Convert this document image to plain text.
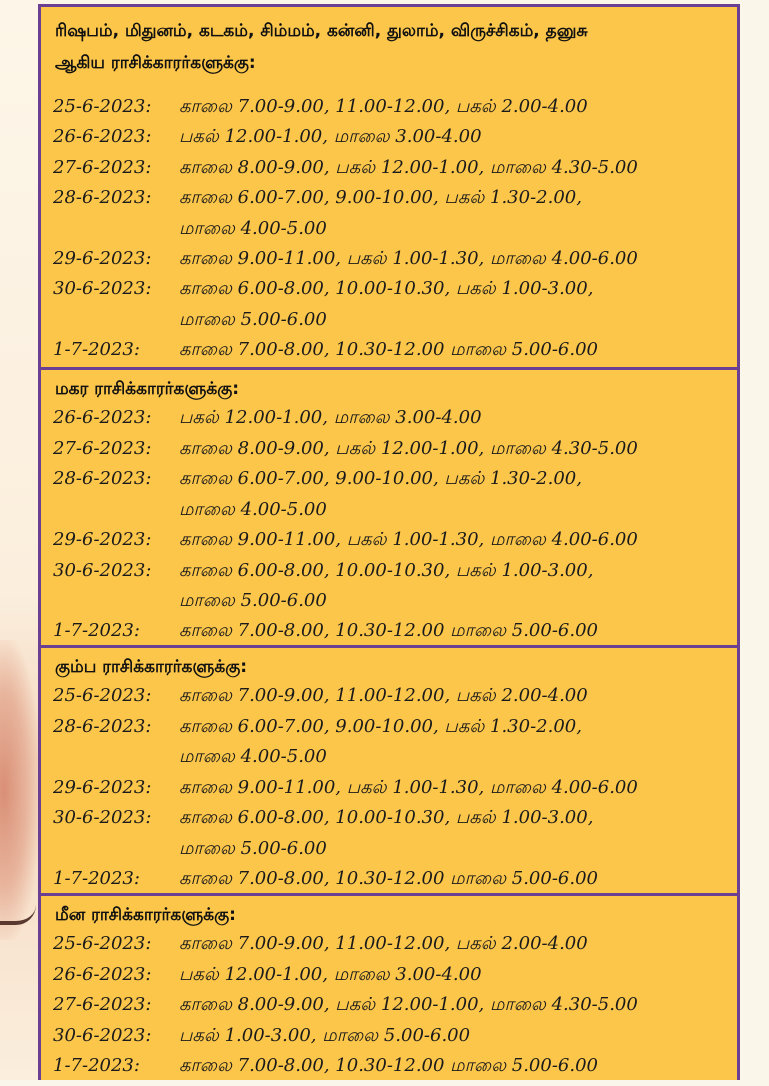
ரிஷபம், மிதுனம், கடகம், சிம்மம், கன்னி, துலாம், விருச்சிகம், தனுசு
ஆகிய ராசிக்காரர்களுக்கு:
25-6-2023: காலை 7.00-9.00, 11.00-12.00, பகல் 2.00-4.00
26-6-2023: பகல் 12.00-1.00, மாலை 3.00-4.00
27-6-2023: காலை 8.00-9.00, பகல் 12.00-1.00, மாலை 4.30-5.00
28-6-2023: காலை 6.00-7.00, 9.00-10.00, பகல் 1.30-2.00,
மாலை 4.00-5.00
29-6-2023: காலை 9.00-11.00, பகல் 1.00-1.30, மாலை 4.00-6.00
30-6-2023: காலை 6.00-8.00, 10.00-10.30, பகல் 1.00-3.00,
மாலை 5.00-6.00
1-7-2023: காலை 7.00-8.00, 10.30-12.00 மாலை 5.00-6.00
மகர ராசிக்காரர்களுக்கு:
26-6-2023: பகல் 12.00-1.00, மாலை 3.00-4.00
27-6-2023: காலை 8.00-9.00, பகல் 12.00-1.00, மாலை 4.30-5.00
28-6-2023: காலை 6.00-7.00, 9.00-10.00, பகல் 1.30-2.00,
மாலை 4.00-5.00
29-6-2023: காலை 9.00-11.00, பகல் 1.00-1.30, மாலை 4.00-6.00
30-6-2023: காலை 6.00-8.00, 10.00-10.30, பகல் 1.00-3.00,
மாலை 5.00-6.00
1-7-2023: காலை 7.00-8.00, 10.30-12.00 மாலை 5.00-6.00
கும்ப ராசிக்காரர்களுக்கு:
25-6-2023: காலை 7.00-9.00, 11.00-12.00, பகல் 2.00-4.00
28-6-2023: காலை 6.00-7.00, 9.00-10.00, பகல் 1.30-2.00,
மாலை 4.00-5.00
29-6-2023: காலை 9.00-11.00, பகல் 1.00-1.30, மாலை 4.00-6.00
30-6-2023: காலை 6.00-8.00, 10.00-10.30, பகல் 1.00-3.00,
மாலை 5.00-6.00
1-7-2023: காலை 7.00-8.00, 10.30-12.00 மாலை 5.00-6.00
மீன ராசிக்காரர்களுக்கு:
25-6-2023: காலை 7.00-9.00, 11.00-12.00, பகல் 2.00-4.00
26-6-2023: பகல் 12.00-1.00, மாலை 3.00-4.00
27-6-2023: காலை 8.00-9.00, பகல் 12.00-1.00, மாலை 4.30-5.00
30-6-2023: பகல் 1.00-3.00, மாலை 5.00-6.00
1-7-2023: காலை 7.00-8.00, 10.30-12.00 மாலை 5.00-6.00
